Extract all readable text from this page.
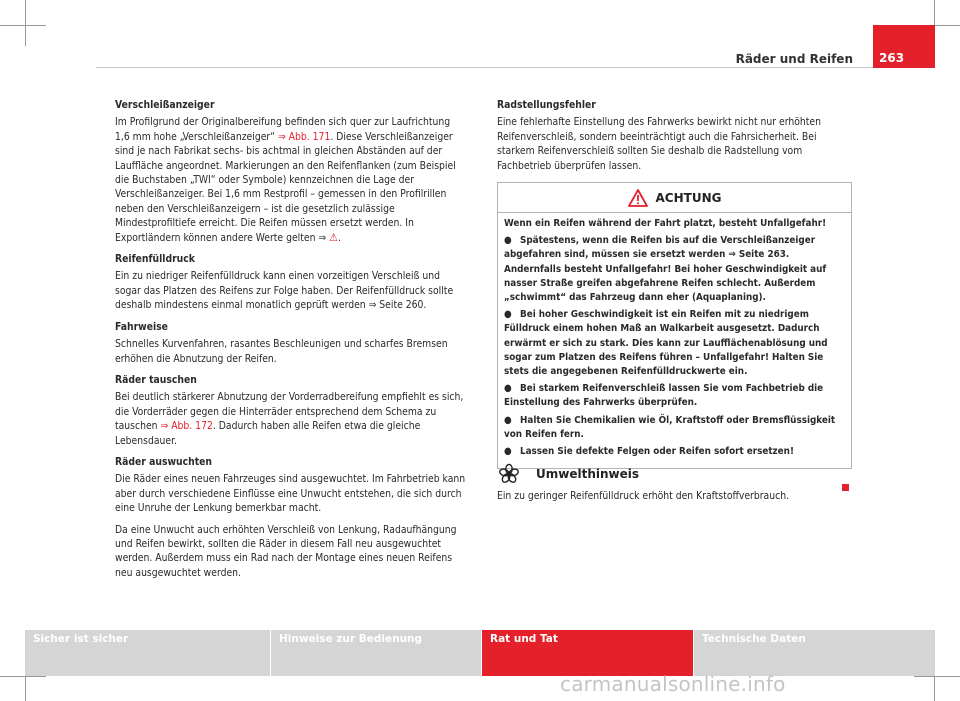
Räder und Reifen 263
Verschleißanzeiger

Im Profilgrund der Originalbereifung befinden sich quer zur Laufrichtung 1,6 mm hohe „Verschleißanzeiger“ ⇒ Abb. 171. Diese Verschleißanzeiger sind je nach Fabrikat sechs- bis achtmal in gleichen Abständen auf der Lauffläche angeordnet. Markierungen an den Reifenflanken (zum Beispiel die Buchstaben „TWI“ oder Symbole) kennzeichnen die Lage der Verschleißanzeiger. Bei 1,6 mm Restprofil – gemessen in den Profilrillen neben den Verschleißanzeigern – ist die gesetzlich zulässige Mindestprofiltiefe erreicht. Die Reifen müssen ersetzt werden. In Exportländern können andere Werte gelten ⇒ ⚠.

Reifenfülldruck

Ein zu niedriger Reifenfülldruck kann einen vorzeitigen Verschleiß und sogar das Platzen des Reifens zur Folge haben. Der Reifenfülldruck sollte deshalb mindestens einmal monatlich geprüft werden ⇒ Seite 260.

Fahrweise

Schnelles Kurvenfahren, rasantes Beschleunigen und scharfes Bremsen erhöhen die Abnutzung der Reifen.

Räder tauschen

Bei deutlich stärkerer Abnutzung der Vorderradbereifung empfiehlt es sich, die Vorderräder gegen die Hinterräder entsprechend dem Schema zu tauschen ⇒ Abb. 172. Dadurch haben alle Reifen etwa die gleiche Lebensdauer.

Räder auswuchten

Die Räder eines neuen Fahrzeuges sind ausgewuchtet. Im Fahrbetrieb kann aber durch verschiedene Einflüsse eine Unwucht entstehen, die sich durch eine Unruhe der Lenkung bemerkbar macht.

Da eine Unwucht auch erhöhten Verschleiß von Lenkung, Radaufhängung und Reifen bewirkt, sollten die Räder in diesem Fall neu ausgewuchtet werden. Außerdem muss ein Rad nach der Montage eines neuen Reifens neu ausgewuchtet werden.

Radstellungsfehler

Eine fehlerhafte Einstellung des Fahrwerks bewirkt nicht nur erhöhten Reifenverschleiß, sondern beeinträchtigt auch die Fahrsicherheit. Bei starkem Reifenverschleiß sollten Sie deshalb die Radstellung vom Fachbetrieb überprüfen lassen.

ACHTUNG

Wenn ein Reifen während der Fahrt platzt, besteht Unfallgefahr!

● Spätestens, wenn die Reifen bis auf die Verschleißanzeiger abgefahren sind, müssen sie ersetzt werden ⇒ Seite 263. Andernfalls besteht Unfallgefahr! Bei hoher Geschwindigkeit auf nasser Straße greifen abgefahrene Reifen schlecht. Außerdem „schwimmt“ das Fahrzeug dann eher (Aquaplaning).

● Bei hoher Geschwindigkeit ist ein Reifen mit zu niedrigem Fülldruck einem hohen Maß an Walkarbeit ausgesetzt. Dadurch erwärmt er sich zu stark. Dies kann zur Laufflächenablösung und sogar zum Platzen des Reifens führen – Unfallgefahr! Halten Sie stets die angegebenen Reifenfülldruckwerte ein.

● Bei starkem Reifenverschleiß lassen Sie vom Fachbetrieb die Einstellung des Fahrwerks überprüfen.

● Halten Sie Chemikalien wie Öl, Kraftstoff oder Bremsflüssigkeit von Reifen fern.

● Lassen Sie defekte Felgen oder Reifen sofort ersetzen!

Umwelthinweis
Ein zu geringer Reifenfülldruck erhöht den Kraftstoffverbrauch.
Sicher ist sicher	Hinweise zur Bedienung	Rat und Tat	Technische Daten
carmanualsonline.info
